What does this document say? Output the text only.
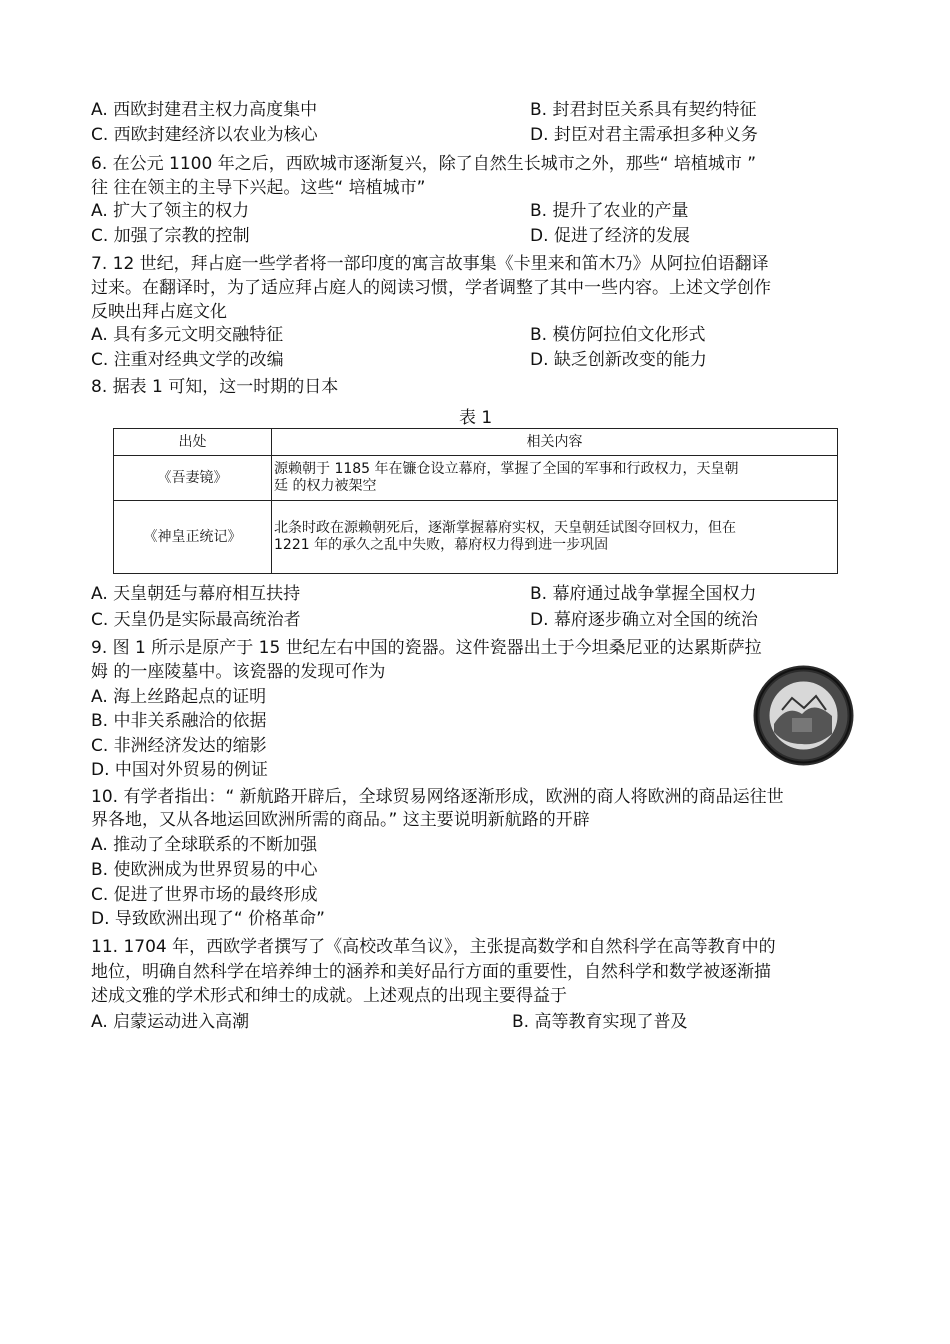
A. 西欧封建君主权力高度集中	B. 封君封臣关系具有契约特征
C. 西欧封建经济以农业为核心	D. 封臣对君主需承担多种义务
6. 在公元 1100 年之后，西欧城市逐渐复兴，除了自然生长城市之外，那些“ 培植城市 ”
往 往在领主的主导下兴起。这些“ 培植城市”
A. 扩大了领主的权力	B. 提升了农业的产量
C. 加强了宗教的控制	D. 促进了经济的发展
7. 12 世纪，拜占庭一些学者将一部印度的寓言故事集《卡里来和笛木乃》从阿拉伯语翻译
过来。在翻译时，为了适应拜占庭人的阅读习惯，学者调整了其中一些内容。上述文学创作
反映出拜占庭文化
A. 具有多元文明交融特征	B. 模仿阿拉伯文化形式
C. 注重对经典文学的改编	D. 缺乏创新改变的能力
8. 据表 1 可知，这一时期的日本
表 1
出处	相关内容
《吾妻镜》	源赖朝于 1185 年在镰仓设立幕府，掌握了全国的军事和行政权力，天皇朝
廷 的权力被架空

《神皇正统记》	北条时政在源赖朝死后，逐渐掌握幕府实权，天皇朝廷试图夺回权力，但在
1221 年的承久之乱中失败，幕府权力得到进一步巩固
A. 天皇朝廷与幕府相互扶持	B. 幕府通过战争掌握全国权力
C. 天皇仍是实际最高统治者	D. 幕府逐步确立对全国的统治
9. 图 1 所示是原产于 15 世纪左右中国的瓷器。这件瓷器出土于今坦桑尼亚的达累斯萨拉
姆 的一座陵墓中。该瓷器的发现可作为
A. 海上丝路起点的证明
B. 中非关系融洽的依据
C. 非洲经济发达的缩影
D. 中国对外贸易的例证
10. 有学者指出：“ 新航路开辟后，全球贸易网络逐渐形成，欧洲的商人将欧洲的商品运往世
界各地，又从各地运回欧洲所需的商品。” 这主要说明新航路的开辟
A. 推动了全球联系的不断加强
B. 使欧洲成为世界贸易的中心
C. 促进了世界市场的最终形成
D. 导致欧洲出现了“ 价格革命”
11. 1704 年，西欧学者撰写了《高校改革刍议》，主张提高数学和自然科学在高等教育中的
地位，明确自然科学在培养绅士的涵养和美好品行方面的重要性，自然科学和数学被逐渐描
述成文雅的学术形式和绅士的成就。上述观点的出现主要得益于
A. 启蒙运动进入高潮	B. 高等教育实现了普及
